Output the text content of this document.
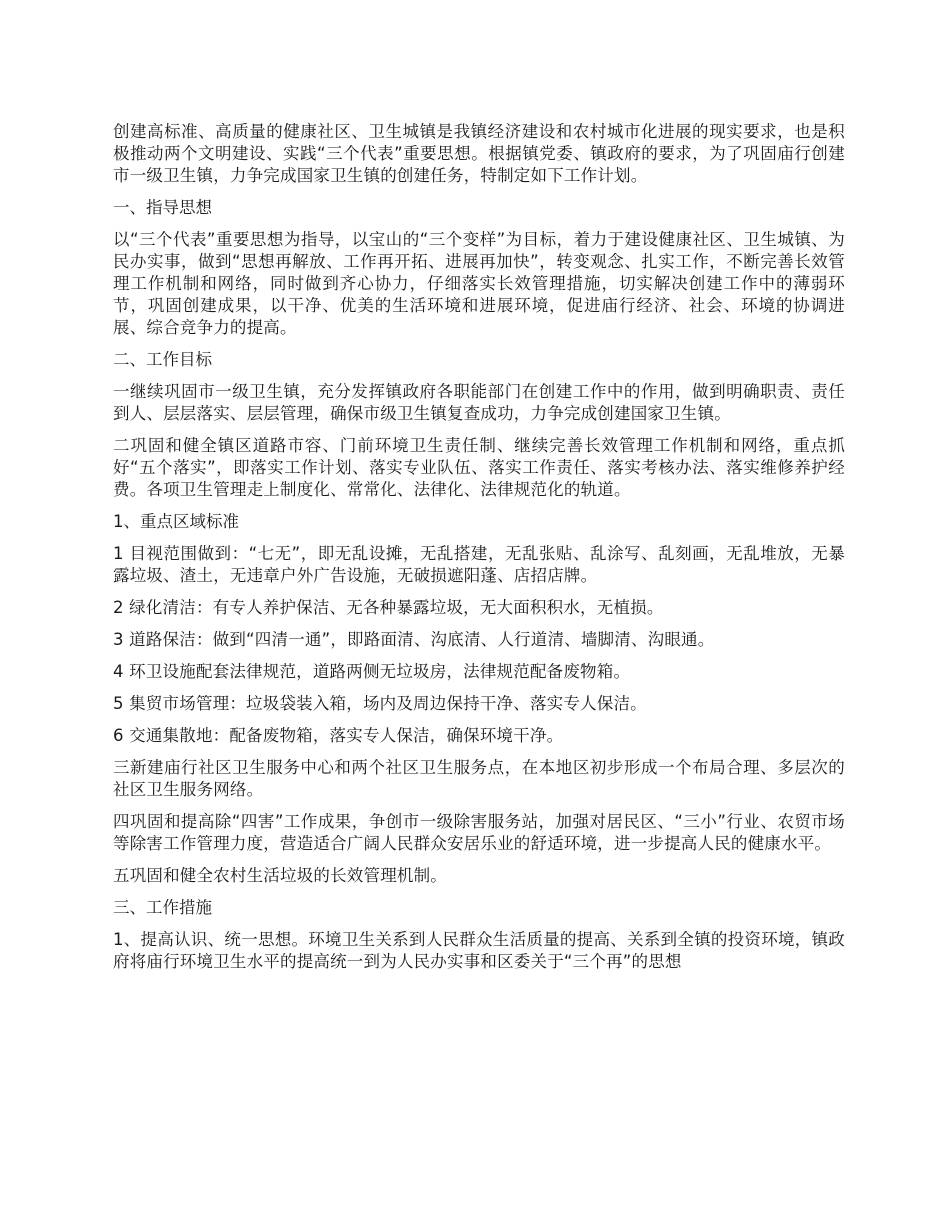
创建高标准、高质量的健康社区、卫生城镇是我镇经济建设和农村城市化进展的现实要求，也是积极推动两个文明建设、实践“三个代表”重要思想。根据镇党委、镇政府的要求，为了巩固庙行创建市一级卫生镇，力争完成国家卫生镇的创建任务，特制定如下工作计划。

一、指导思想

以“三个代表”重要思想为指导，以宝山的“三个变样”为目标，着力于建设健康社区、卫生城镇、为民办实事，做到“思想再解放、工作再开拓、进展再加快”，转变观念、扎实工作，不断完善长效管理工作机制和网络，同时做到齐心协力，仔细落实长效管理措施，切实解决创建工作中的薄弱环节，巩固创建成果，以干净、优美的生活环境和进展环境，促进庙行经济、社会、环境的协调进展、综合竞争力的提高。

二、工作目标

一继续巩固市一级卫生镇，充分发挥镇政府各职能部门在创建工作中的作用，做到明确职责、责任到人、层层落实、层层管理，确保市级卫生镇复查成功，力争完成创建国家卫生镇。

二巩固和健全镇区道路市容、门前环境卫生责任制、继续完善长效管理工作机制和网络，重点抓好“五个落实”，即落实工作计划、落实专业队伍、落实工作责任、落实考核办法、落实维修养护经费。各项卫生管理走上制度化、常常化、法律化、法律规范化的轨道。

1、重点区域标准

1 目视范围做到：“七无”，即无乱设摊，无乱搭建，无乱张贴、乱涂写、乱刻画，无乱堆放，无暴露垃圾、渣土，无违章户外广告设施，无破损遮阳蓬、店招店牌。

2 绿化清洁：有专人养护保洁、无各种暴露垃圾，无大面积积水，无植损。

3 道路保洁：做到“四清一通”，即路面清、沟底清、人行道清、墙脚清、沟眼通。

4 环卫设施配套法律规范，道路两侧无垃圾房，法律规范配备废物箱。

5 集贸市场管理：垃圾袋装入箱，场内及周边保持干净、落实专人保洁。

6 交通集散地：配备废物箱，落实专人保洁，确保环境干净。

三新建庙行社区卫生服务中心和两个社区卫生服务点，在本地区初步形成一个布局合理、多层次的社区卫生服务网络。

四巩固和提高除“四害”工作成果，争创市一级除害服务站，加强对居民区、“三小”行业、农贸市场等除害工作管理力度，营造适合广阔人民群众安居乐业的舒适环境，进一步提高人民的健康水平。

五巩固和健全农村生活垃圾的长效管理机制。

三、工作措施

1、提高认识、统一思想。环境卫生关系到人民群众生活质量的提高、关系到全镇的投资环境，镇政府将庙行环境卫生水平的提高统一到为人民办实事和区委关于“三个再”的思想
